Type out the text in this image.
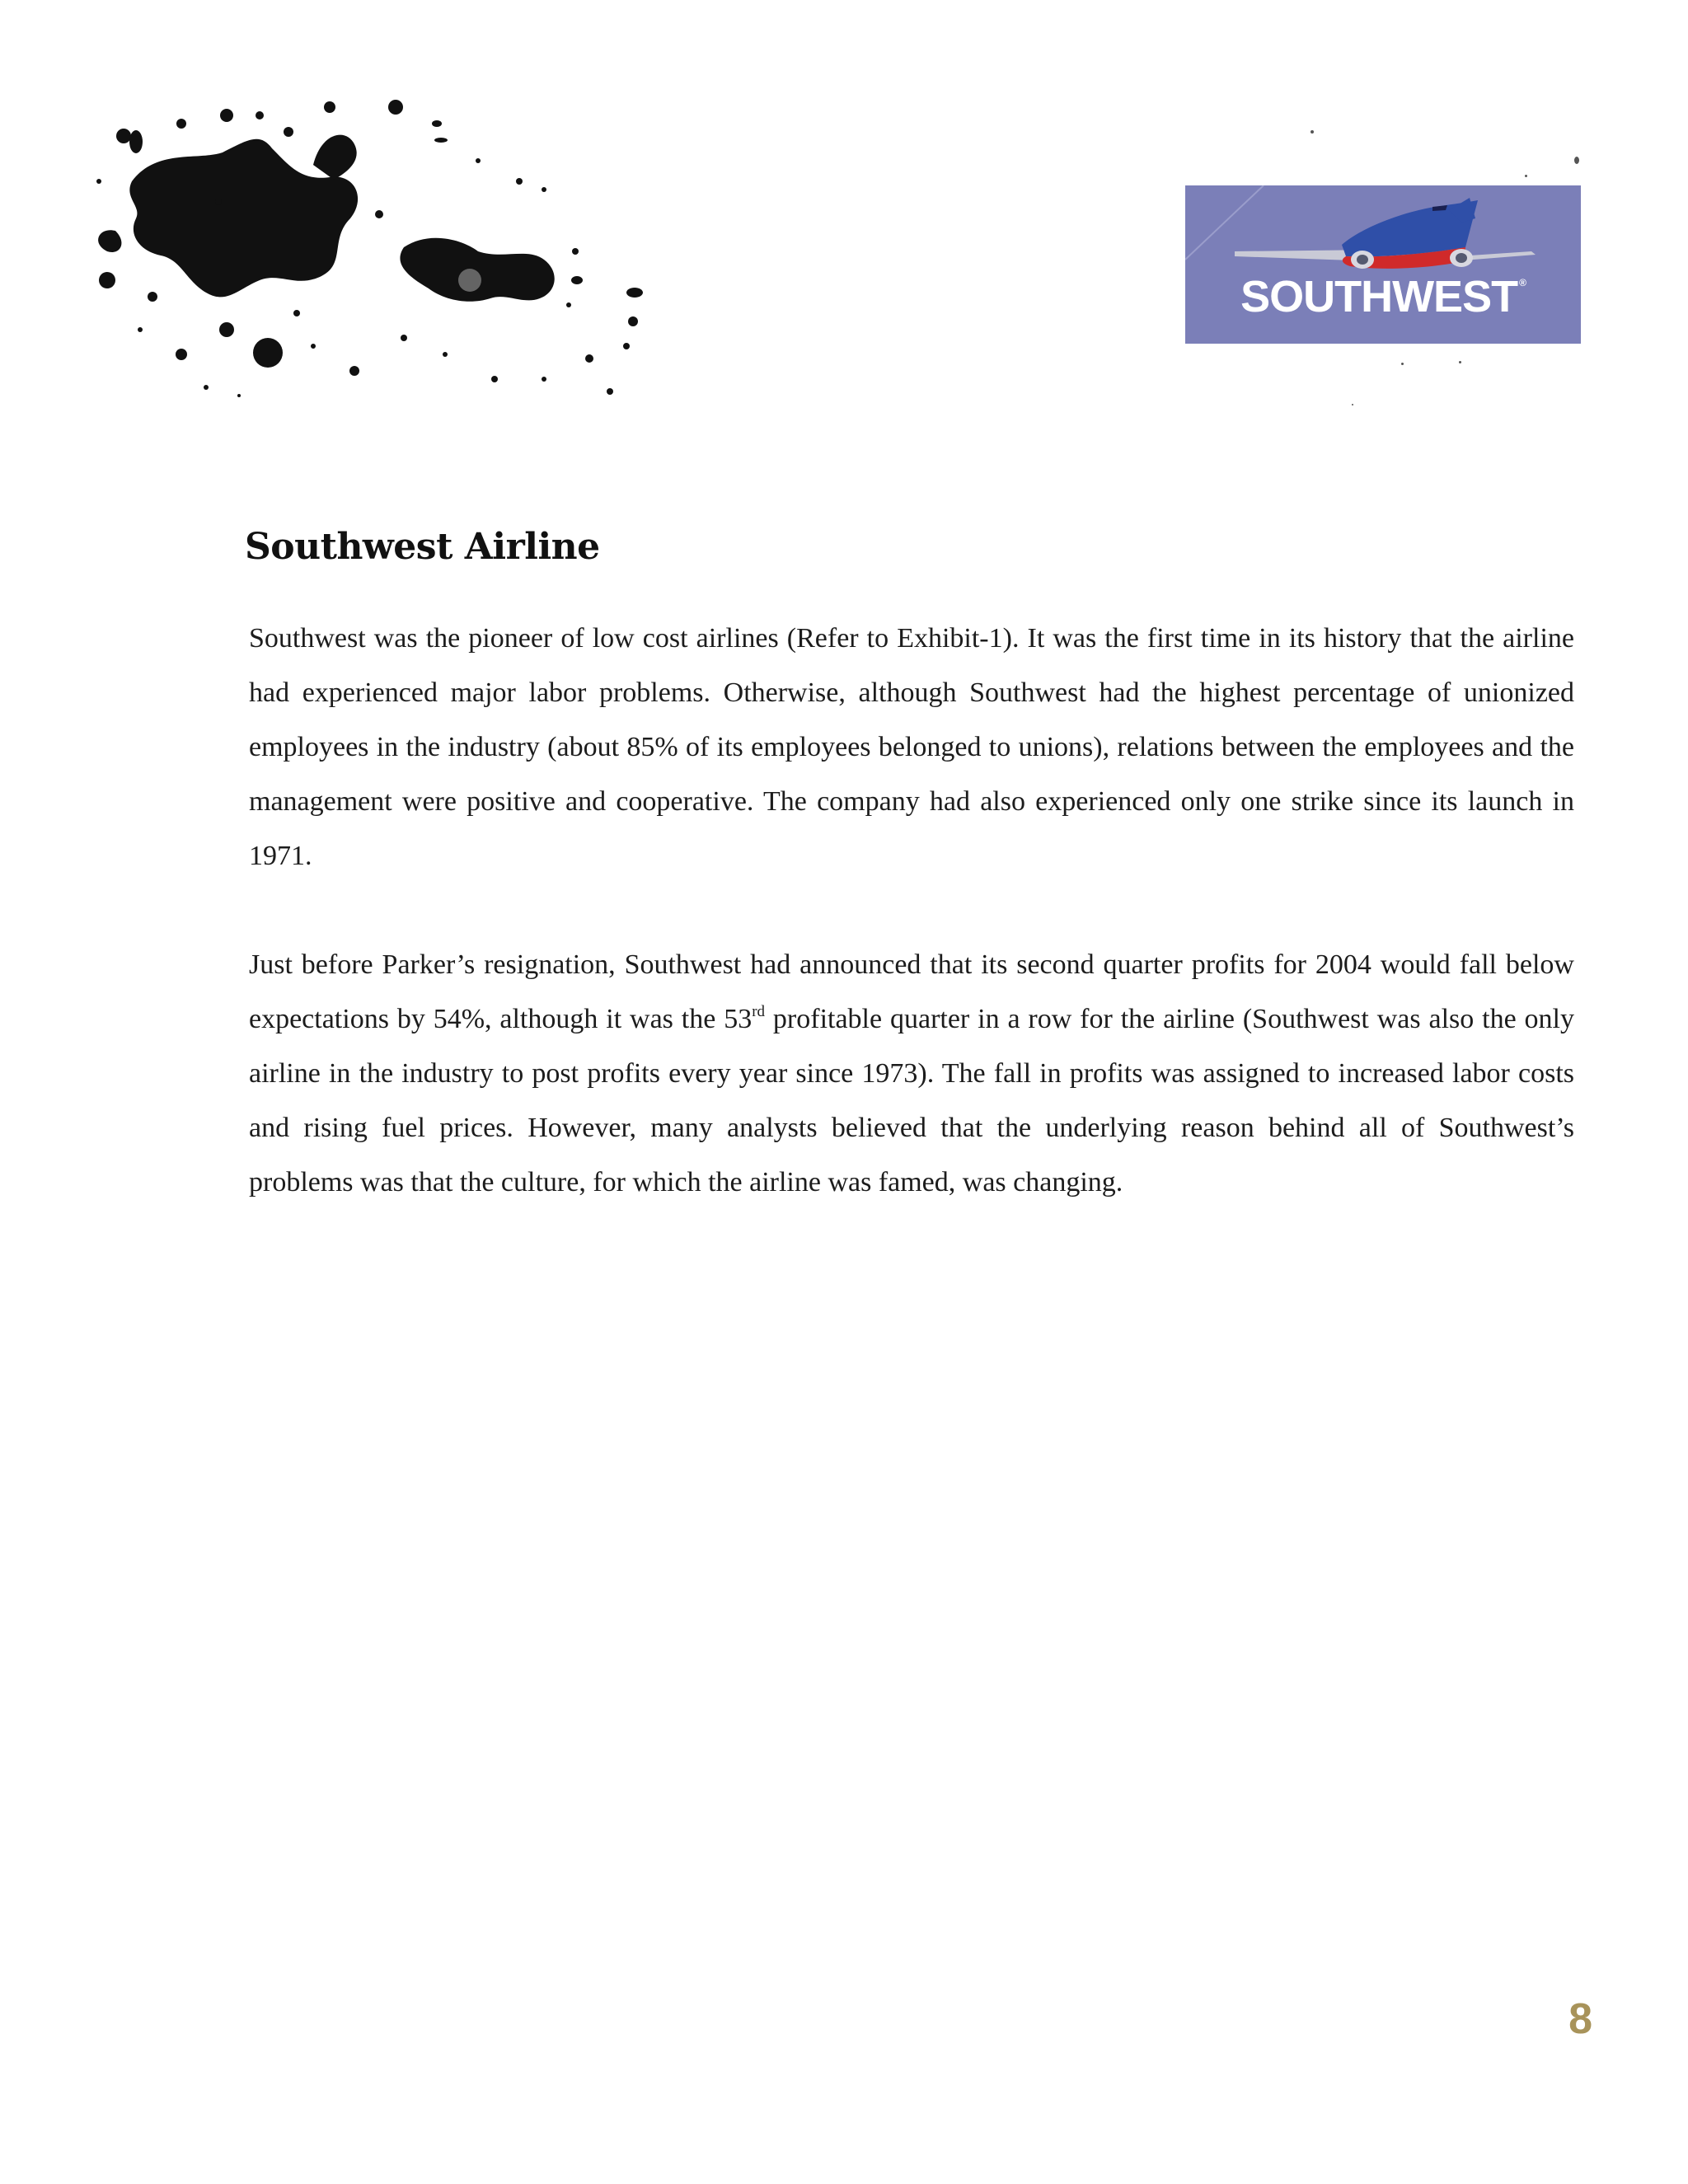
SOUTHWEST ®
Southwest Airline

Southwest was the pioneer of low cost airlines (Refer to Exhibit-1). It was the first time in its history that the airline had experienced major labor problems. Otherwise, although Southwest had the highest percentage of unionized employees in the industry (about 85% of its employees belonged to unions), relations between the employees and the management were positive and cooperative. The company had also experienced only one strike since its launch in 1971.

Just before Parker’s resignation, Southwest had announced that its second quarter profits for 2004 would fall below expectations by 54%, although it was the 53rd profitable quarter in a row for the airline (Southwest was also the only airline in the industry to post profits every year since 1973). The fall in profits was assigned to increased labor costs and rising fuel prices. However, many analysts believed that the underlying reason behind all of Southwest’s problems was that the culture, for which the airline was famed, was changing.

8
